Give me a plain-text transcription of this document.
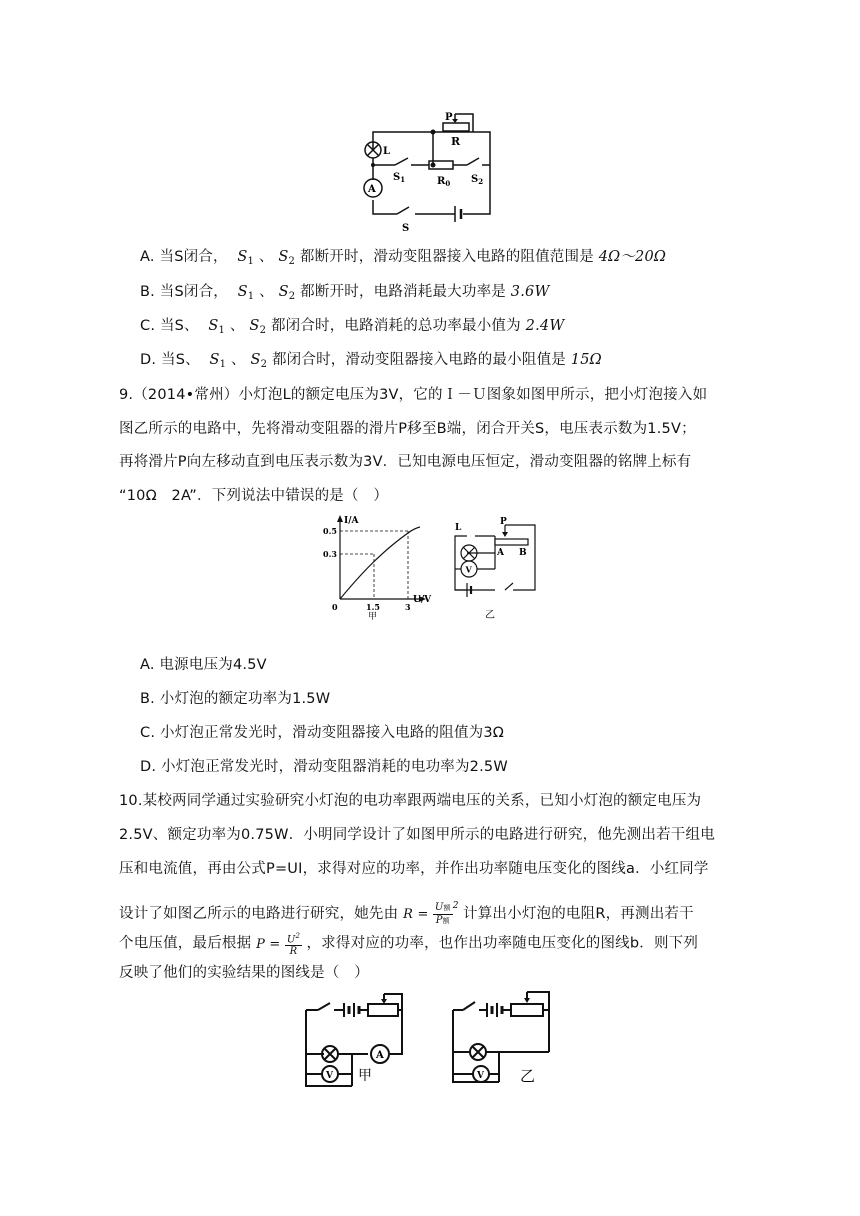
P
R
L
A
$S_1$	$R_0$ $S_2$
S
A. 当S闭合， $S_1$ 、 $S_2$ 都断开时，滑动变阻器接入电路的阻值范围是 4Ω～20Ω
B. 当S闭合， $S_1$ 、 $S_2$ 都断开时，电路消耗最大功率是 3.6W
C. 当S、 $S_1$ 、 $S_2$ 都闭合时，电路消耗的总功率最小值为 2.4W
D. 当S、 $S_1$ 、 $S_2$ 都闭合时，滑动变阻器接入电路的最小阻值是 15Ω
9.（2014•常州）小灯泡L的额定电压为3V，它的Ｉ－Ｕ图象如图甲所示，把小灯泡接入如
图乙所示的电路中，先将滑动变阻器的滑片P移至B端，闭合开关S，电压表示数为1.5V；
再将滑片P向左移动直到电压表示数为3V．已知电源电压恒定，滑动变阻器的铭牌上标有
“10Ω　2A”．下列说法中错误的是（　）
I/A
0.5
0.3
0	1.5	3
U/V
甲
L
P
A B
V
乙
A. 电源电压为4.5V
B. 小灯泡的额定功率为1.5W
C. 小灯泡正常发光时，滑动变阻器接入电路的阻值为3Ω
D. 小灯泡正常发光时，滑动变阻器消耗的电功率为2.5W
10.某校两同学通过实验研究小灯泡的电功率跟两端电压的关系，已知小灯泡的额定电压为
2.5V、额定功率为0.75W．小明同学设计了如图甲所示的电路进行研究，他先测出若干组电
压和电流值，再由公式P=UI，求得对应的功率，并作出功率随电压变化的图线a．小红同学
设计了如图乙所示的电路进行研究，她先由 $R = \frac{\text{U额}}{\text{P额}} ^2$ 计算出小灯泡的电阻R，再测出若干
个电压值，最后根据 $P = \frac{U^2}{R}$ ，求得对应的功率，也作出功率随电压变化的图线b．则下列
反映了他们的实验结果的图线是（　）
A
V 甲	V 乙
